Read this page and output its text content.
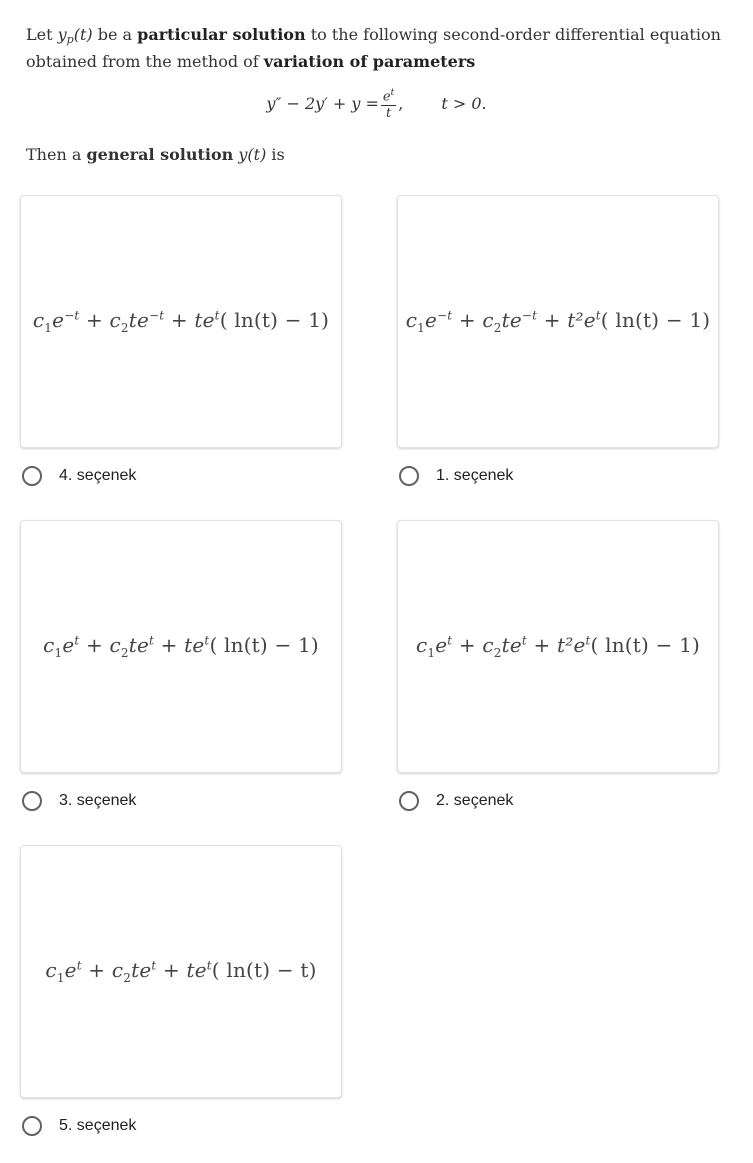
Let $y_p(t)$ be a particular solution to the following second-order differential equation obtained from the method of variation of parameters
$y'' - 2y' + y = \frac{e^t}{t}$ , t > 0.
Then a general solution y(t) is
$c_1e^{-t} + c_2te^{-t} + te^t$( ln(t) − 1)
4. seçenek
$c_1e^{-t} + c_2te^{-t} + t^2e^t$( ln(t) − 1)
1. seçenek
$c_1e^t + c_2te^t + te^t$( ln(t) − 1)
3. seçenek
$c_1e^t + c_2te^t + t^2e^t$( ln(t) − 1)
2. seçenek
$c_1e^t + c_2te^t + te^t$( ln(t) − t)
5. seçenek
